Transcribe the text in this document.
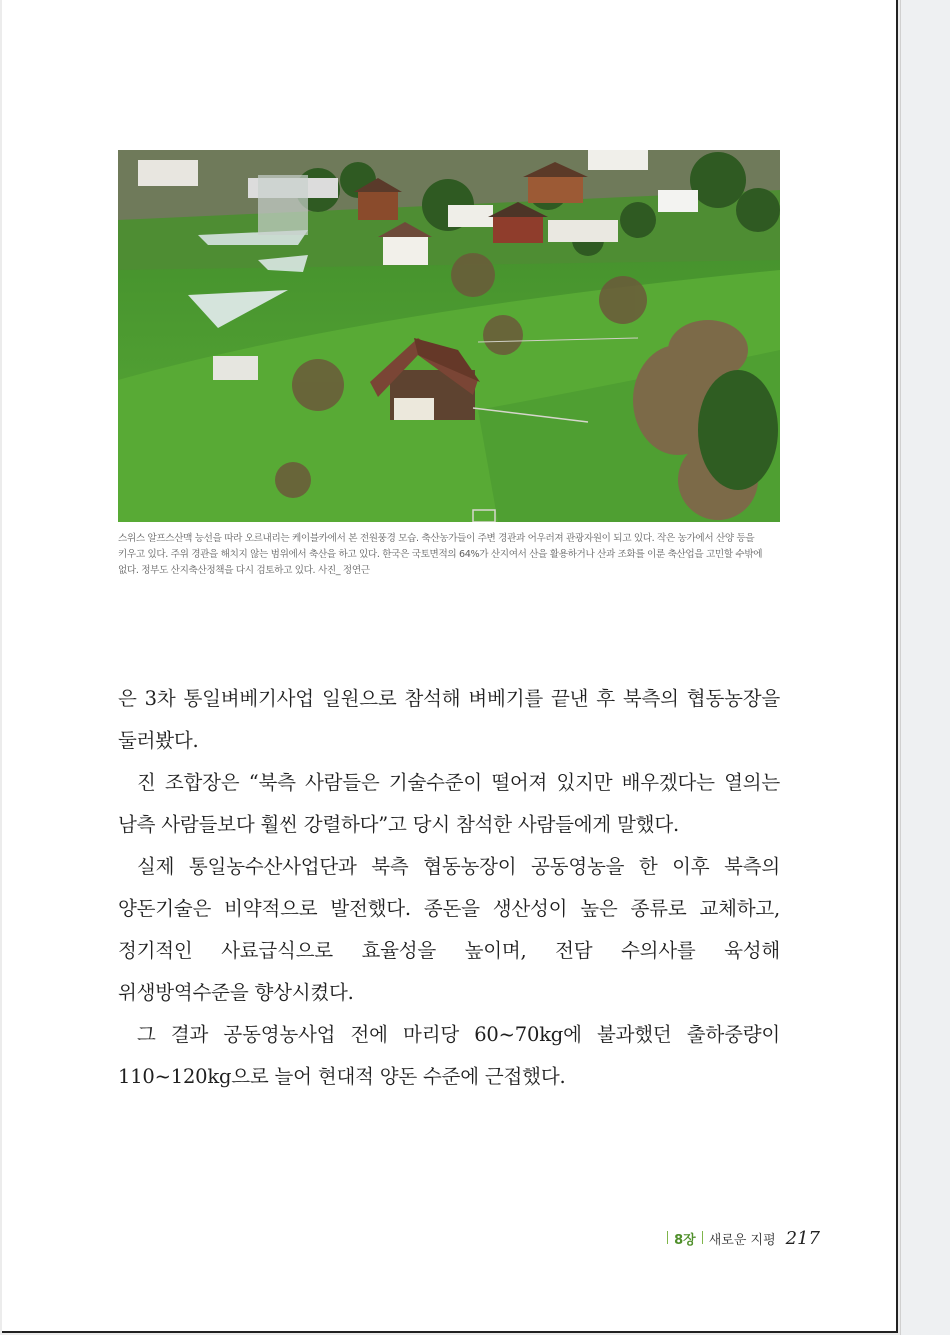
스위스 알프스산맥 능선을 따라 오르내리는 케이블카에서 본 전원풍경 모습. 축산농가들이 주변 경관과 어우러져 관광자원이 되고 있다. 작은 농가에서 산양 등을 키우고 있다. 주위 경관을 해치지 않는 범위에서 축산을 하고 있다. 한국은 국토면적의 64%가 산지여서 산을 활용하거나 산과 조화를 이룬 축산업을 고민할 수밖에 없다. 정부도 산지축산정책을 다시 검토하고 있다. 사진_ 정연근

은 3차 통일벼베기사업 일원으로 참석해 벼베기를 끝낸 후 북측의 협동농장을 둘러봤다.

진 조합장은 “북측 사람들은 기술수준이 떨어져 있지만 배우겠다는 열의는 남측 사람들보다 훨씬 강렬하다”고 당시 참석한 사람들에게 말했다.

실제 통일농수산사업단과 북측 협동농장이 공동영농을 한 이후 북측의 양돈기술은 비약적으로 발전했다. 종돈을 생산성이 높은 종류로 교체하고, 정기적인 사료급식으로 효율성을 높이며, 전담 수의사를 육성해 위생방역수준을 향상시켰다.

그 결과 공동영농사업 전에 마리당 60~70kg에 불과했던 출하중량이 110~120kg으로 늘어 현대적 양돈 수준에 근접했다.

8장 새로운 지평 217
